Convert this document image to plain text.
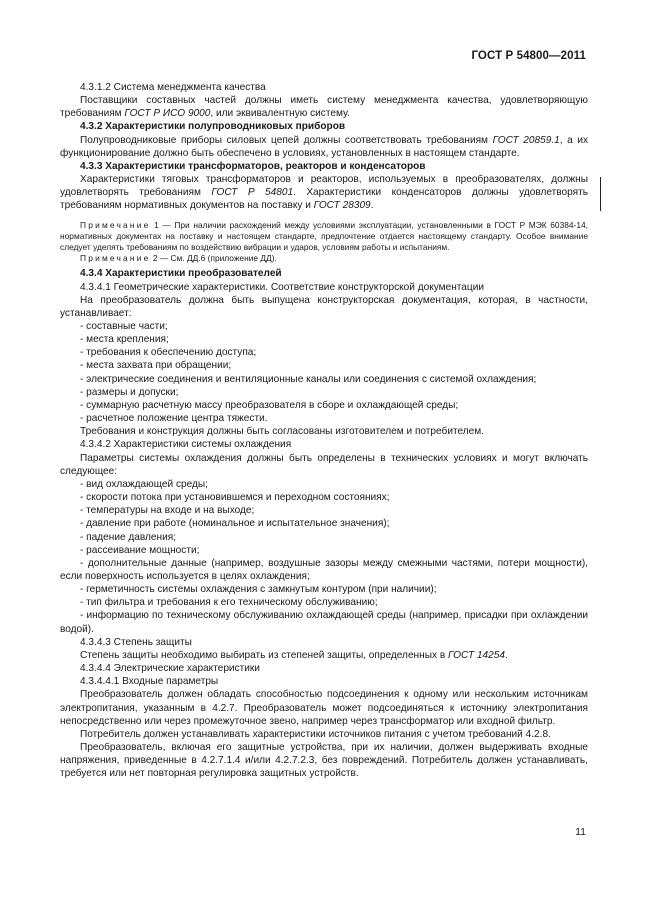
ГОСТ Р 54800—2011

4.3.1.2 Система менеджмента качества

Поставщики составных частей должны иметь систему менеджмента качества, удовлетворяющую требованиям ГОСТ Р ИСО 9000, или эквивалентную систему.

4.3.2 Характеристики полупроводниковых приборов

Полупроводниковые приборы силовых цепей должны соответствовать требованиям ГОСТ 20859.1, а их функционирование должно быть обеспечено в условиях, установленных в настоящем стандарте.

4.3.3 Характеристики трансформаторов, реакторов и конденсаторов

Характеристики тяговых трансформаторов и реакторов, используемых в преобразователях, должны удовлетворять требованиям ГОСТ Р 54801. Характеристики конденсаторов должны удовлетворять требованиям нормативных документов на поставку и ГОСТ 28309.

Примечание 1 — При наличии расхождений между условиями эксплуатации, установленными в ГОСТ Р МЭК 60384-14, нормативных документах на поставку и настоящем стандарте, предпочтение отдается настоящему стандарту. Особое внимание следует уделять требованиям по воздействию вибрации и ударов, условиям работы и испытаниям.

Примечание 2 — См. ДД.6 (приложение ДД).

4.3.4 Характеристики преобразователей

4.3.4.1 Геометрические характеристики. Соответствие конструкторской документации

На преобразователь должна быть выпущена конструкторская документация, которая, в частности, устанавливает:

- составные части;

- места крепления;

- требования к обеспечению доступа;

- места захвата при обращении;

- электрические соединения и вентиляционные каналы или соединения с системой охлаждения;

- размеры и допуски;

- суммарную расчетную массу преобразователя в сборе и охлаждающей среды;

- расчетное положение центра тяжести.

Требования и конструкция должны быть согласованы изготовителем и потребителем.

4.3.4.2 Характеристики системы охлаждения

Параметры системы охлаждения должны быть определены в технических условиях и могут включать следующее:

- вид охлаждающей среды;

- скорости потока при установившемся и переходном состояниях;

- температуры на входе и на выходе;

- давление при работе (номинальное и испытательное значения);

- падение давления;

- рассеивание мощности;

- дополнительные данные (например, воздушные зазоры между смежными частями, потери мощности), если поверхность используется в целях охлаждения;

- герметичность системы охлаждения с замкнутым контуром (при наличии);

- тип фильтра и требования к его техническому обслуживанию;

- информацию по техническому обслуживанию охлаждающей среды (например, присадки при охлаждении водой).

4.3.4.3 Степень защиты

Степень защиты необходимо выбирать из степеней защиты, определенных в ГОСТ 14254.

4.3.4.4 Электрические характеристики

4.3.4.4.1 Входные параметры

Преобразователь должен обладать способностью подсоединения к одному или нескольким источникам электропитания, указанным в 4.2.7. Преобразователь может подсоединяться к источнику электропитания непосредственно или через промежуточное звено, например через трансформатор или входной фильтр.

Потребитель должен устанавливать характеристики источников питания с учетом требований 4.2.8.

Преобразователь, включая его защитные устройства, при их наличии, должен выдерживать входные напряжения, приведенные в 4.2.7.1.4 и/или 4.2.7.2.3, без повреждений. Потребитель должен устанавливать, требуется или нет повторная регулировка защитных устройств.

11
